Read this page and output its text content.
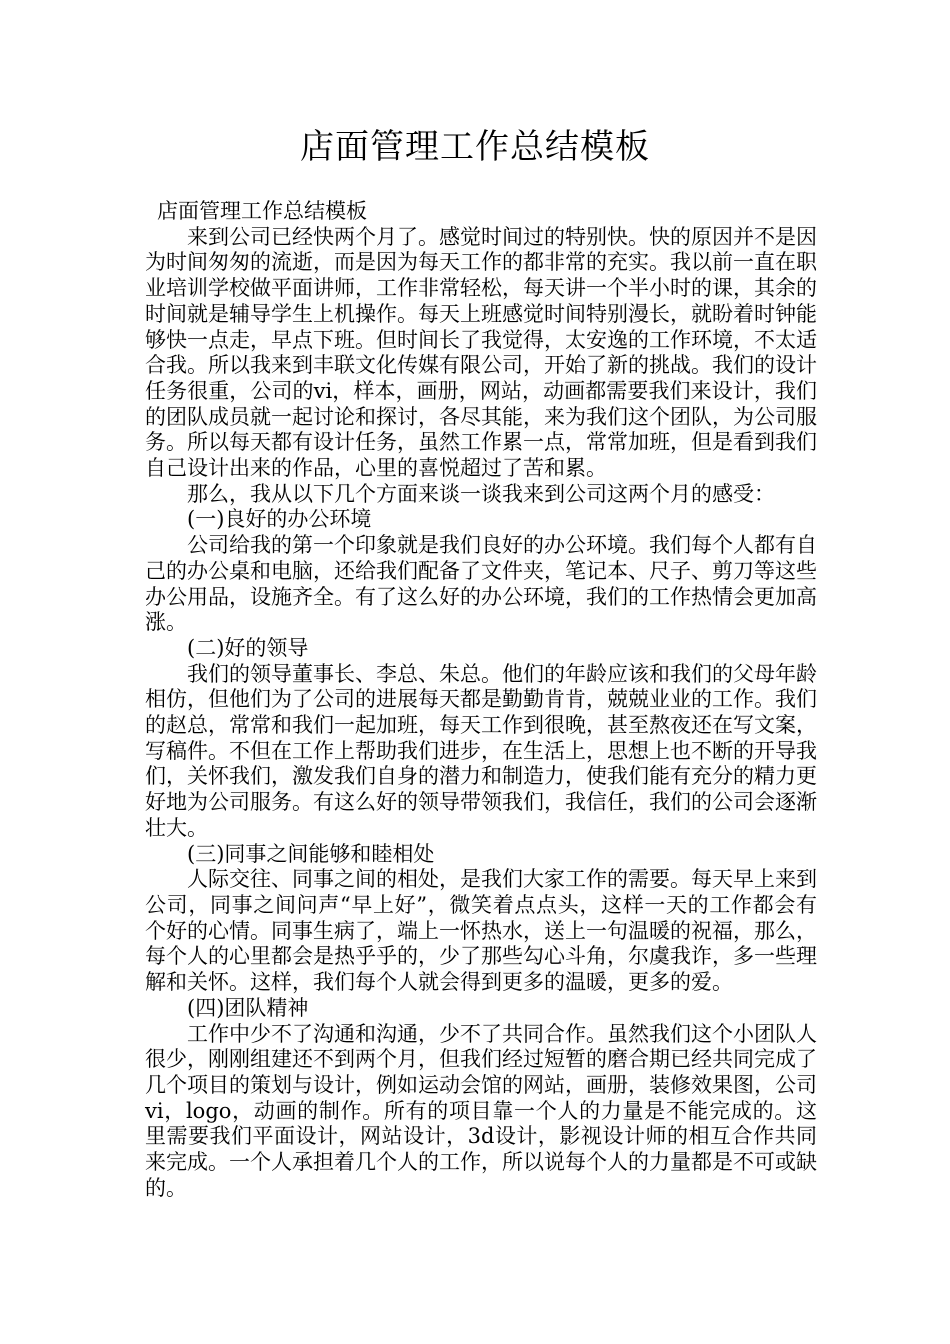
店面管理工作总结模板
店面管理工作总结模板

来到公司已经快两个月了。感觉时间过的特别快。快的原因并不是因为时间匆匆的流逝，而是因为每天工作的都非常的充实。我以前一直在职业培训学校做平面讲师，工作非常轻松，每天讲一个半小时的课，其余的时间就是辅导学生上机操作。每天上班感觉时间特别漫长，就盼着时钟能够快一点走，早点下班。但时间长了我觉得，太安逸的工作环境，不太适合我。所以我来到丰联文化传媒有限公司，开始了新的挑战。我们的设计任务很重，公司的vi，样本，画册，网站，动画都需要我们来设计，我们的团队成员就一起讨论和探讨，各尽其能，来为我们这个团队，为公司服务。所以每天都有设计任务，虽然工作累一点，常常加班，但是看到我们自己设计出来的作品，心里的喜悦超过了苦和累。

那么，我从以下几个方面来谈一谈我来到公司这两个月的感受：

(一)良好的办公环境

公司给我的第一个印象就是我们良好的办公环境。我们每个人都有自己的办公桌和电脑，还给我们配备了文件夹，笔记本、尺子、剪刀等这些办公用品，设施齐全。有了这么好的办公环境，我们的工作热情会更加高涨。

(二)好的领导

我们的领导董事长、李总、朱总。他们的年龄应该和我们的父母年龄相仿，但他们为了公司的进展每天都是勤勤肯肯，兢兢业业的工作。我们的赵总，常常和我们一起加班，每天工作到很晚，甚至熬夜还在写文案，写稿件。不但在工作上帮助我们进步，在生活上，思想上也不断的开导我们，关怀我们，激发我们自身的潜力和制造力，使我们能有充分的精力更好地为公司服务。有这么好的领导带领我们，我信任，我们的公司会逐渐壮大。

(三)同事之间能够和睦相处

人际交往、同事之间的相处，是我们大家工作的需要。每天早上来到公司，同事之间问声“早上好”，微笑着点点头，这样一天的工作都会有个好的心情。同事生病了，端上一怀热水，送上一句温暖的祝福，那么，每个人的心里都会是热乎乎的，少了那些勾心斗角，尔虞我诈，多一些理解和关怀。这样，我们每个人就会得到更多的温暖，更多的爱。

(四)团队精神

工作中少不了沟通和沟通，少不了共同合作。虽然我们这个小团队人很少，刚刚组建还不到两个月，但我们经过短暂的磨合期已经共同完成了几个项目的策划与设计，例如运动会馆的网站，画册，装修效果图，公司vi，logo，动画的制作。所有的项目靠一个人的力量是不能完成的。这里需要我们平面设计，网站设计，3d设计，影视设计师的相互合作共同来完成。一个人承担着几个人的工作，所以说每个人的力量都是不可或缺的。
